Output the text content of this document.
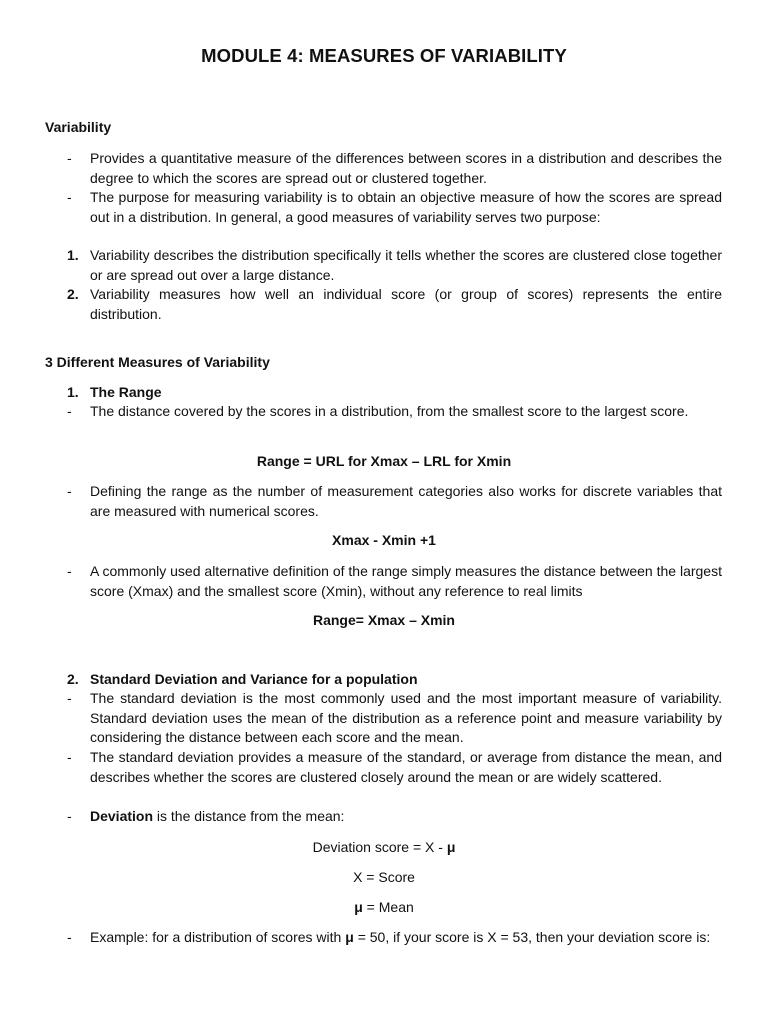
MODULE 4: MEASURES OF VARIABILITY
Variability
-	Provides a quantitative measure of the differences between scores in a distribution and describes the degree to which the scores are spread out or clustered together.
-	The purpose for measuring variability is to obtain an objective measure of how the scores are spread out in a distribution. In general, a good measures of variability serves two purpose:
1. Variability describes the distribution specifically it tells whether the scores are clustered close together or are spread out over a large distance.
2. Variability measures how well an individual score (or group of scores) represents the entire distribution.
3 Different Measures of Variability
1. The Range
-	The distance covered by the scores in a distribution, from the smallest score to the largest score.
Range = URL for Xmax – LRL for Xmin
-	Defining the range as the number of measurement categories also works for discrete variables that are measured with numerical scores.
Xmax - Xmin +1
-	A commonly used alternative definition of the range simply measures the distance between the largest score (Xmax) and the smallest score (Xmin), without any reference to real limits
Range= Xmax – Xmin
2. Standard Deviation and Variance for a population
-	The standard deviation is the most commonly used and the most important measure of variability. Standard deviation uses the mean of the distribution as a reference point and measure variability by considering the distance between each score and the mean.
-	The standard deviation provides a measure of the standard, or average from distance the mean, and describes whether the scores are clustered closely around the mean or are widely scattered.
-	Deviation is the distance from the mean:
Deviation score = X - μ
X = Score
μ = Mean
-	Example: for a distribution of scores with μ = 50, if your score is X = 53, then your deviation score is:
